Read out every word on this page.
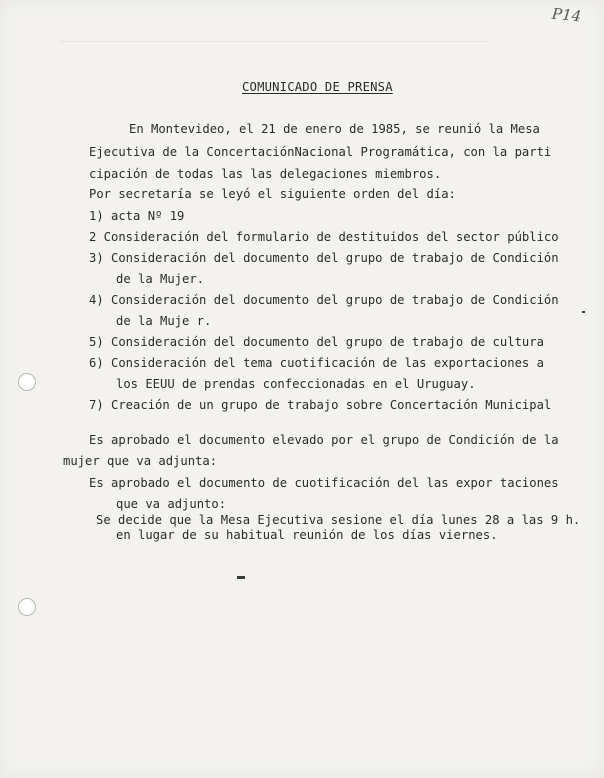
P14
COMUNICADO DE PRENSA
En Montevideo, el 21 de enero de 1985, se reunió la Mesa
Ejecutiva de la ConcertaciónNacional Programática, con la parti
cipación de todas las las delegaciones miembros.
Por secretaría se leyó el siguiente orden del día:
1) acta Nº 19
2 Consideración del formulario de destituidos del sector público
3) Consideración del documento del grupo de trabajo de Condición
de la Mujer.
4) Consideración del documento del grupo de trabajo de Condición
de la Muje r.
5) Consideración del documento del grupo de trabajo de cultura
6) Consideración del tema cuotificación de las exportaciones a
los EEUU de prendas confeccionadas en el Uruguay.
7) Creación de un grupo de trabajo sobre Concertación Municipal
Es aprobado el documento elevado por el grupo de Condición de la
mujer que va adjunta:
Es aprobado el documento de cuotificación del las expor taciones
que va adjunto:
Se decide que la Mesa Ejecutiva sesione el día lunes 28 a las 9 h.
en lugar de su habitual reunión de los días viernes.
